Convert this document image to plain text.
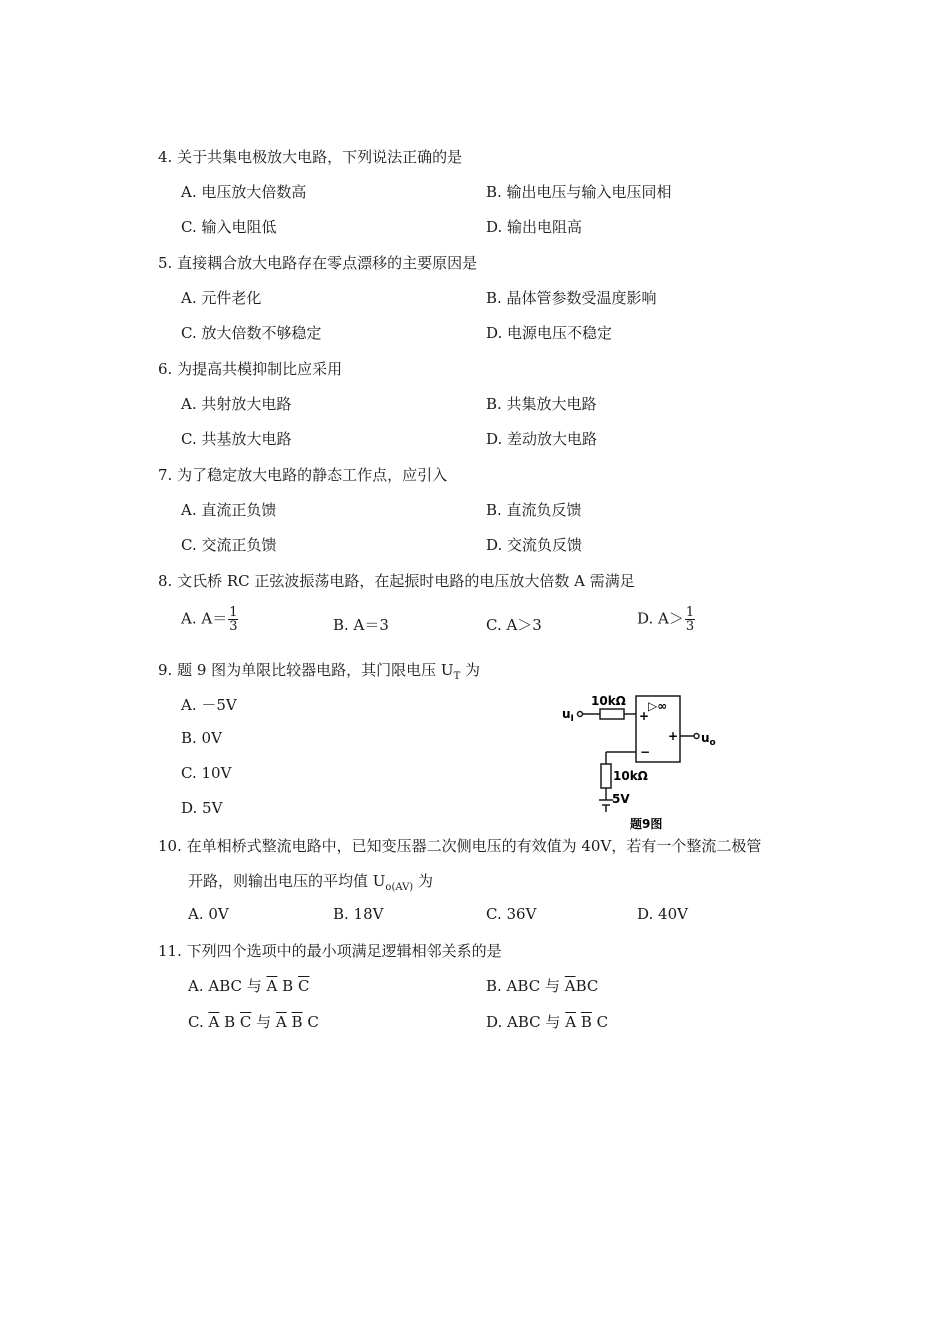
4. 关于共集电极放大电路，下列说法正确的是
A. 电压放大倍数高	B. 输出电压与输入电压同相
C. 输入电阻低	D. 输出电阻高
5. 直接耦合放大电路存在零点漂移的主要原因是
A. 元件老化	B. 晶体管参数受温度影响
C. 放大倍数不够稳定	D. 电源电压不稳定
6. 为提高共模抑制比应采用
A. 共射放大电路	B. 共集放大电路
C. 共基放大电路	D. 差动放大电路
7. 为了稳定放大电路的静态工作点，应引入
A. 直流正负馈	B. 直流负反馈
C. 交流正负馈	D. 交流负反馈
8. 文氏桥 RC 正弦波振荡电路，在起振时电路的电压放大倍数 A 需满足
A. $A= \frac{1}{3}$	B. A＝3	C. A＞3	D. $A> \frac{1}{3}$
9. 题 9 图为单限比较器电路，其门限电压 $U_T$ 为
A. －5V
B. 0V
C. 10V
D. 5V
$u_I$
10kΩ ▷∞
+
−
+ $u_o$
10kΩ
5V
题9图
10. 在单相桥式整流电路中，已知变压器二次侧电压的有效值为 40V，若有一个整流二极管
开路，则输出电压的平均值 $U_{o(AV)}$ 为
A. 0V	B. 18V	C. 36V	D. 40V
11. 下列四个选项中的最小项满足逻辑相邻关系的是
A. ABC 与 $\overline{A}$ B $\overline{C}$	B. ABC 与 $\overline{A}BC$
C. $\overline{A}$ B $\overline{C}$ 与 $\overline{A}$ $\overline{B}$ C	D. ABC 与 $\overline{A}$ $\overline{B}$ C
